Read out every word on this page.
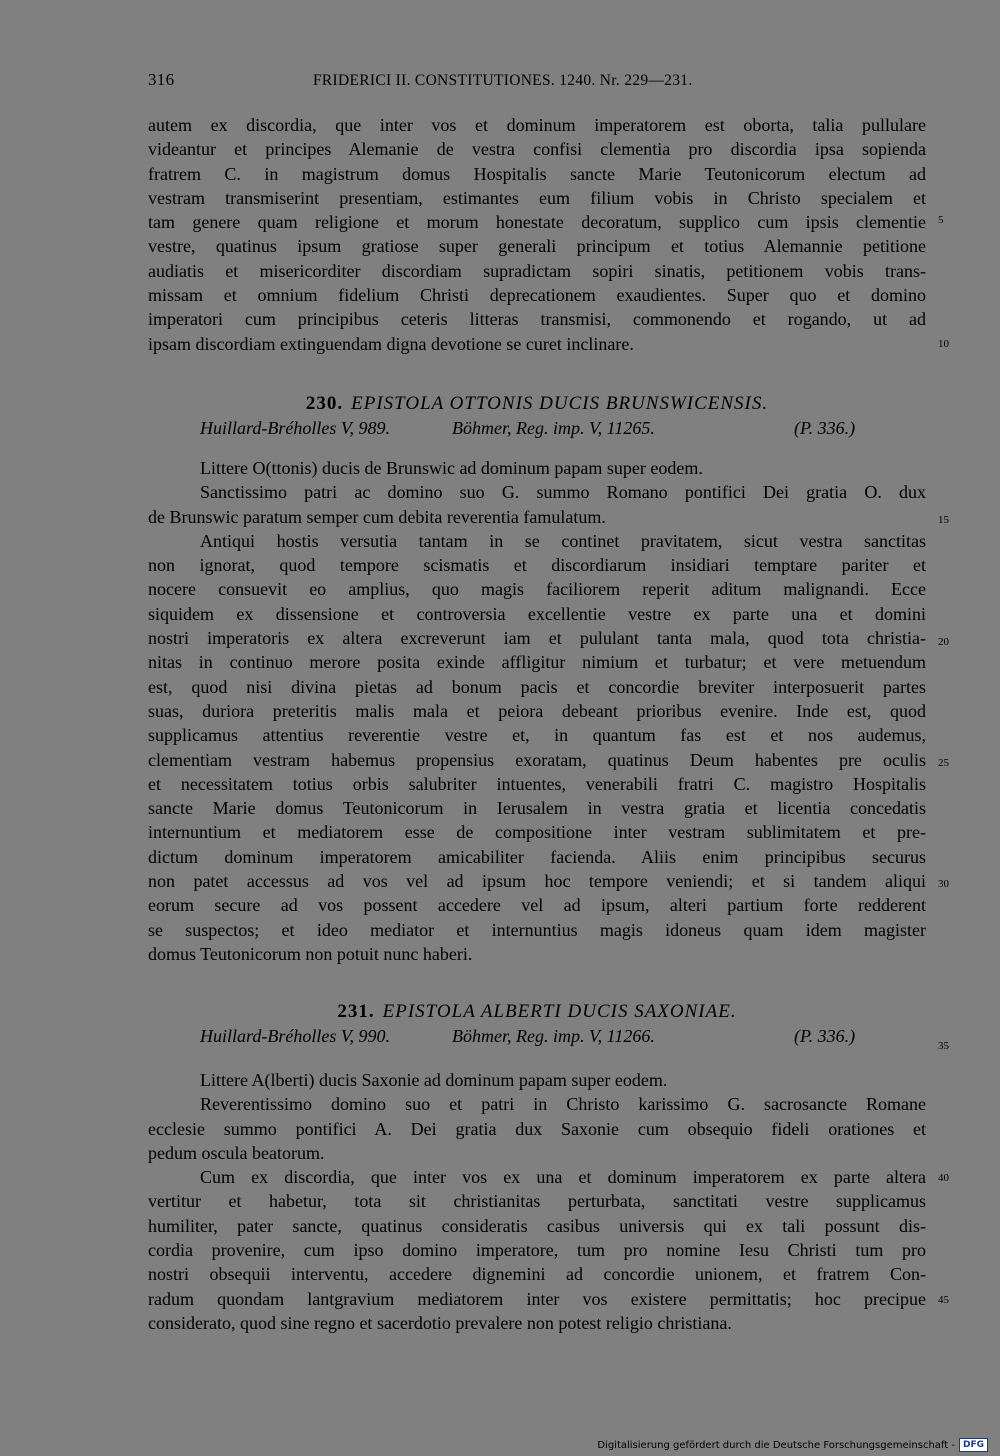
316	FRIDERICI II. CONSTITUTIONES. 1240. Nr. 229—231.
autem ex discordia, que inter vos et dominum imperatorem est oborta, talia pullulare
videantur et principes Alemanie de vestra confisi clementia pro discordia ipsa sopienda
fratrem C. in magistrum domus Hospitalis sancte Marie Teutonicorum electum ad
vestram transmiserint presentiam, estimantes eum filium vobis in Christo specialem et
tam genere quam religione et morum honestate decoratum, supplico cum ipsis clementie
vestre, quatinus ipsum gratiose super generali principum et totius Alemannie petitione
audiatis et misericorditer discordiam supradictam sopiri sinatis, petitionem vobis trans-
missam et omnium fidelium Christi deprecationem exaudientes. Super quo et domino
imperatori cum principibus ceteris litteras transmisi, commonendo et rogando, ut ad
ipsam discordiam extinguendam digna devotione se curet inclinare.
230. EPISTOLA OTTONIS DUCIS BRUNSWICENSIS.
Huillard-Bréholles V, 989.	Böhmer, Reg. imp. V, 11265.	(P. 336.)
Littere O(ttonis) ducis de Brunswic ad dominum papam super eodem.
Sanctissimo patri ac domino suo G. summo Romano pontifici Dei gratia O. dux
de Brunswic paratum semper cum debita reverentia famulatum.
Antiqui hostis versutia tantam in se continet pravitatem, sicut vestra sanctitas
non ignorat, quod tempore scismatis et discordiarum insidiari temptare pariter et
nocere consuevit eo amplius, quo magis faciliorem reperit aditum malignandi. Ecce
siquidem ex dissensione et controversia excellentie vestre ex parte una et domini
nostri imperatoris ex altera excreverunt iam et pululant tanta mala, quod tota christia-
nitas in continuo merore posita exinde affligitur nimium et turbatur; et vere metuendum
est, quod nisi divina pietas ad bonum pacis et concordie breviter interposuerit partes
suas, duriora preteritis malis mala et peiora debeant prioribus evenire. Inde est, quod
supplicamus attentius reverentie vestre et, in quantum fas est et nos audemus,
clementiam vestram habemus propensius exoratam, quatinus Deum habentes pre oculis
et necessitatem totius orbis salubriter intuentes, venerabili fratri C. magistro Hospitalis
sancte Marie domus Teutonicorum in Ierusalem in vestra gratia et licentia concedatis
internuntium et mediatorem esse de compositione inter vestram sublimitatem et pre-
dictum dominum imperatorem amicabiliter facienda. Aliis enim principibus securus
non patet accessus ad vos vel ad ipsum hoc tempore veniendi; et si tandem aliqui
eorum secure ad vos possent accedere vel ad ipsum, alteri partium forte redderent
se suspectos; et ideo mediator et internuntius magis idoneus quam idem magister
domus Teutonicorum non potuit nunc haberi.
231. EPISTOLA ALBERTI DUCIS SAXONIAE.
Huillard-Bréholles V, 990.	Böhmer, Reg. imp. V, 11266.	(P. 336.)
Littere A(lberti) ducis Saxonie ad dominum papam super eodem.
Reverentissimo domino suo et patri in Christo karissimo G. sacrosancte Romane
ecclesie summo pontifici A. Dei gratia dux Saxonie cum obsequio fideli orationes et
pedum oscula beatorum.
Cum ex discordia, que inter vos ex una et dominum imperatorem ex parte altera
vertitur et habetur, tota sit christianitas perturbata, sanctitati vestre supplicamus
humiliter, pater sancte, quatinus consideratis casibus universis qui ex tali possunt dis-
cordia provenire, cum ipso domino imperatore, tum pro nomine Iesu Christi tum pro
nostri obsequii interventu, accedere dignemini ad concordie unionem, et fratrem Con-
radum quondam lantgravium mediatorem inter vos existere permittatis; hoc precipue
considerato, quod sine regno et sacerdotio prevalere non potest religio christiana.
5
10
15
20
25
30
35
40
45
Digitalisierung gefördert durch die Deutsche Forschungsgemeinschaft - DFG
